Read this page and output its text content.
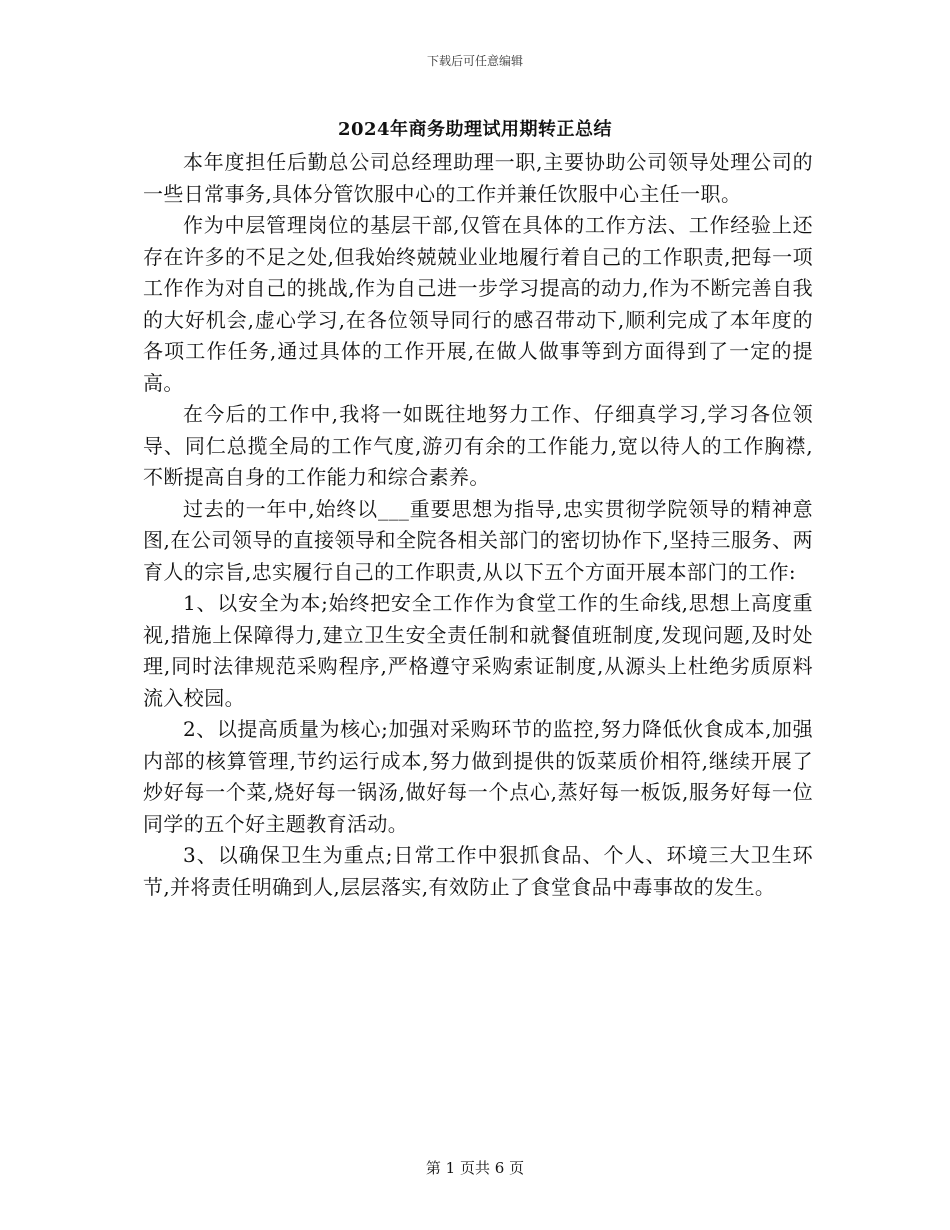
下载后可任意编辑
2024年商务助理试用期转正总结

本年度担任后勤总公司总经理助理一职,主要协助公司领导处理公司的一些日常事务,具体分管饮服中心的工作并兼任饮服中心主任一职。

作为中层管理岗位的基层干部,仅管在具体的工作方法、工作经验上还存在许多的不足之处,但我始终兢兢业业地履行着自己的工作职责,把每一项工作作为对自己的挑战,作为自己进一步学习提高的动力,作为不断完善自我的大好机会,虚心学习,在各位领导同行的感召带动下,顺利完成了本年度的各项工作任务,通过具体的工作开展,在做人做事等到方面得到了一定的提高。

在今后的工作中,我将一如既往地努力工作、仔细真学习,学习各位领导、同仁总揽全局的工作气度,游刃有余的工作能力,宽以待人的工作胸襟,不断提高自身的工作能力和综合素养。

过去的一年中,始终以___重要思想为指导,忠实贯彻学院领导的精神意图,在公司领导的直接领导和全院各相关部门的密切协作下,坚持三服务、两育人的宗旨,忠实履行自己的工作职责,从以下五个方面开展本部门的工作:

1、以安全为本;始终把安全工作作为食堂工作的生命线,思想上高度重视,措施上保障得力,建立卫生安全责任制和就餐值班制度,发现问题,及时处理,同时法律规范采购程序,严格遵守采购索证制度,从源头上杜绝劣质原料流入校园。

2、以提高质量为核心;加强对采购环节的监控,努力降低伙食成本,加强内部的核算管理,节约运行成本,努力做到提供的饭菜质价相符,继续开展了炒好每一个菜,烧好每一锅汤,做好每一个点心,蒸好每一板饭,服务好每一位同学的五个好主题教育活动。

3、以确保卫生为重点;日常工作中狠抓食品、个人、环境三大卫生环节,并将责任明确到人,层层落实,有效防止了食堂食品中毒事故的发生。

第 1 页共 6 页
